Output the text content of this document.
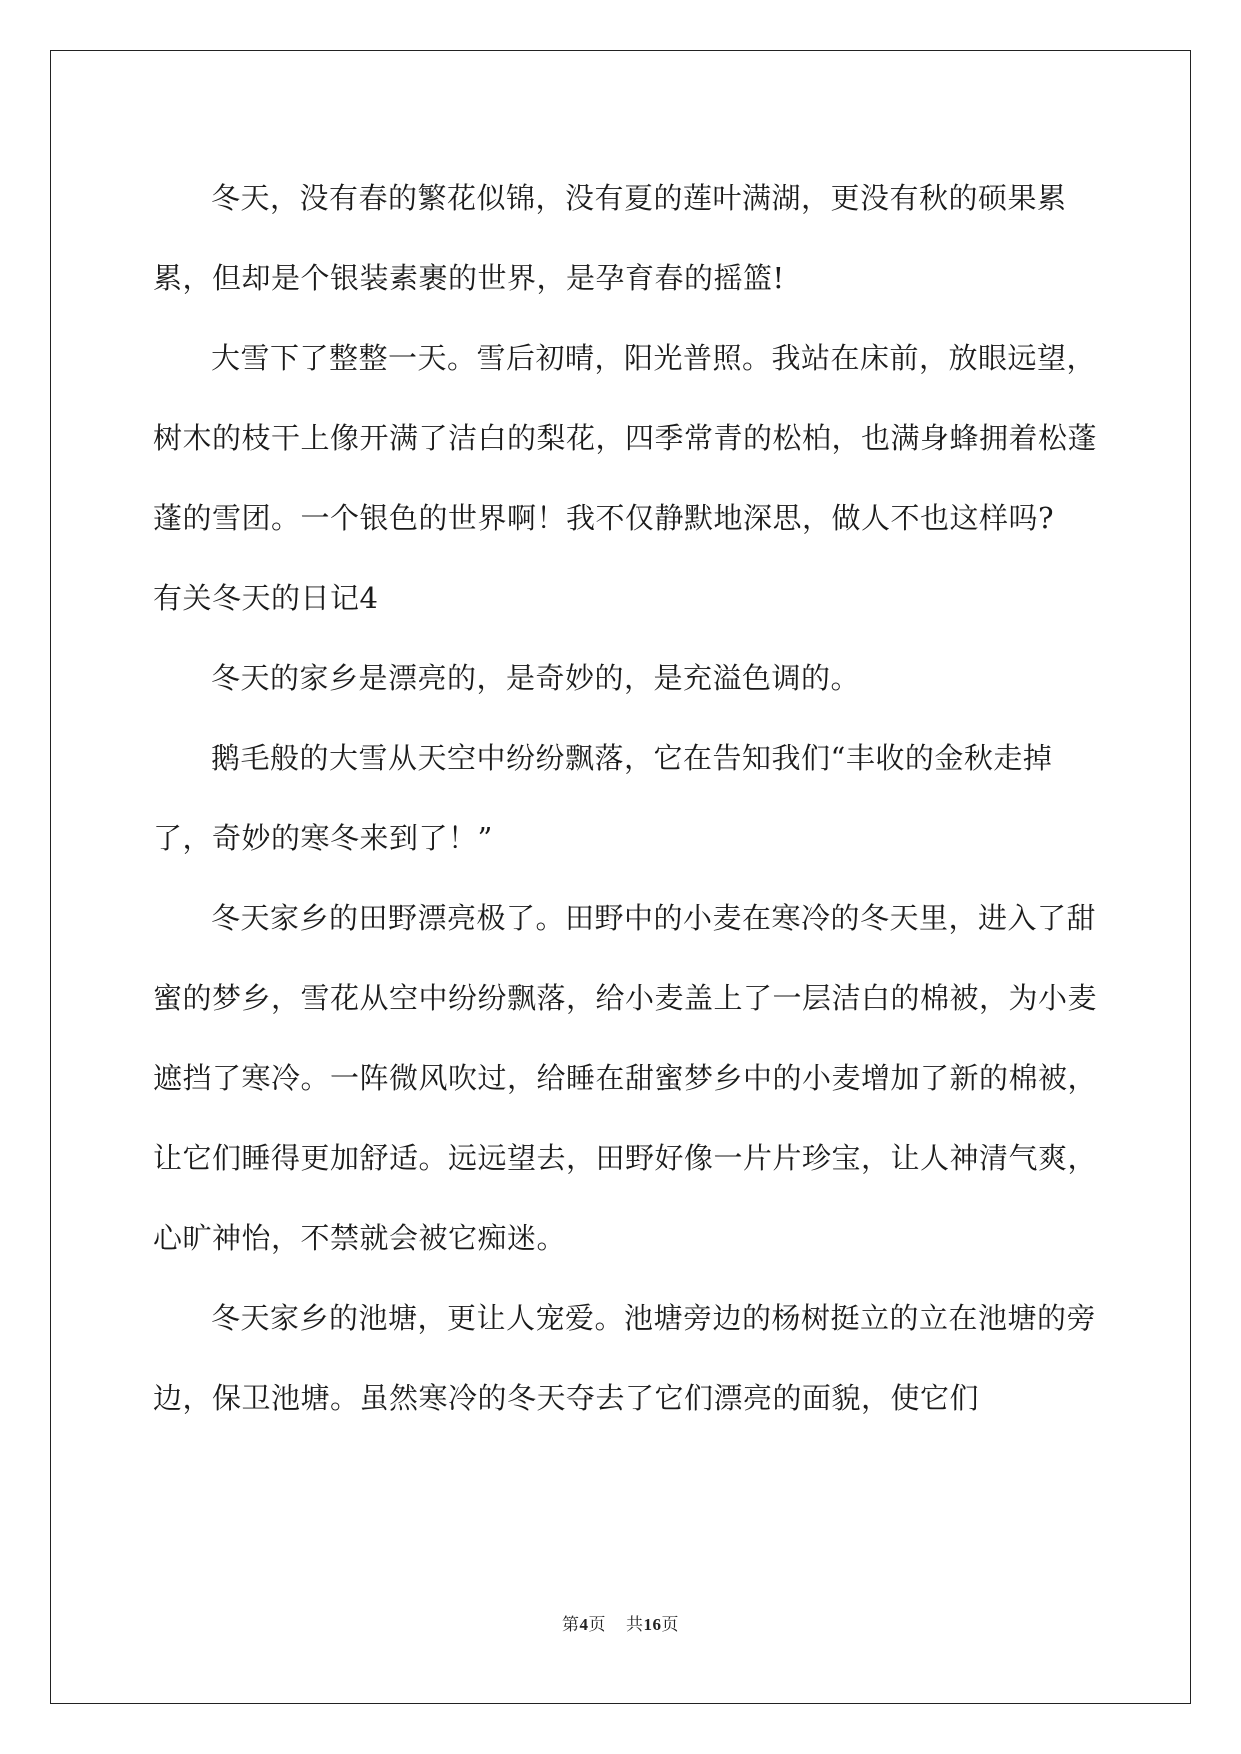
冬天，没有春的繁花似锦，没有夏的莲叶满湖，更没有秋的硕果累累，但却是个银装素裹的世界，是孕育春的摇篮!

大雪下了整整一天。雪后初晴，阳光普照。我站在床前，放眼远望，树木的枝干上像开满了洁白的梨花，四季常青的松柏，也满身蜂拥着松蓬蓬的雪团。一个银色的世界啊！我不仅静默地深思，做人不也这样吗?

有关冬天的日记4

冬天的家乡是漂亮的，是奇妙的，是充溢色调的。

鹅毛般的大雪从天空中纷纷飘落，它在告知我们“丰收的金秋走掉了，奇妙的寒冬来到了！”

冬天家乡的田野漂亮极了。田野中的小麦在寒冷的冬天里，进入了甜蜜的梦乡，雪花从空中纷纷飘落，给小麦盖上了一层洁白的棉被，为小麦遮挡了寒冷。一阵微风吹过，给睡在甜蜜梦乡中的小麦增加了新的棉被，让它们睡得更加舒适。远远望去，田野好像一片片珍宝，让人神清气爽，心旷神怡，不禁就会被它痴迷。

冬天家乡的池塘，更让人宠爱。池塘旁边的杨树挺立的立在池塘的旁边，保卫池塘。虽然寒冷的冬天夺去了它们漂亮的面貌，使它们

第4页 共16页
